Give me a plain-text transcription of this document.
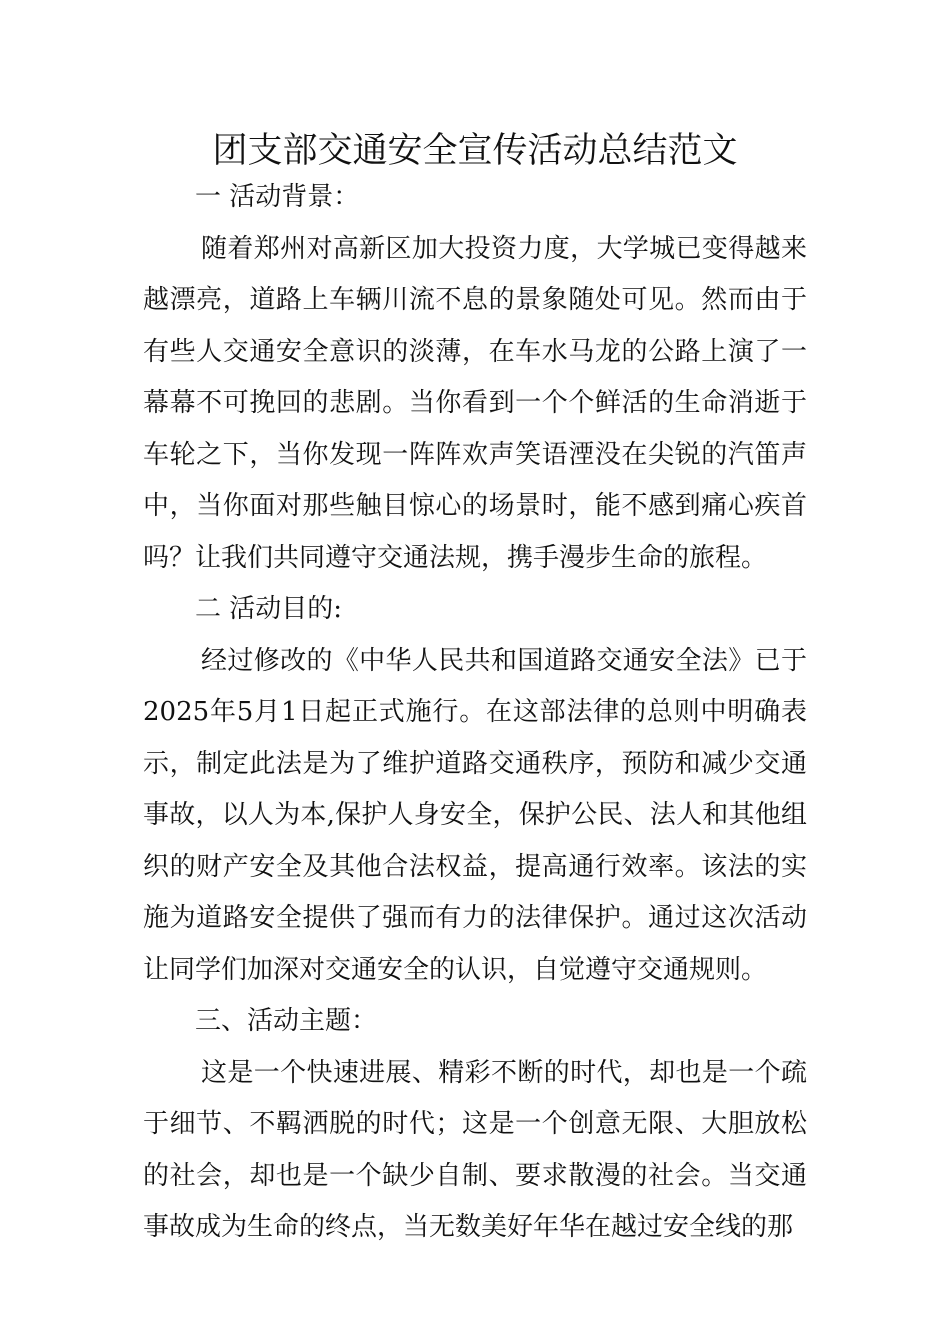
团支部交通安全宣传活动总结范文

一 活动背景：

随着郑州对高新区加大投资力度，大学城已变得越来越漂亮，道路上车辆川流不息的景象随处可见。然而由于有些人交通安全意识的淡薄，在车水马龙的公路上演了一幕幕不可挽回的悲剧。当你看到一个个鲜活的生命消逝于车轮之下，当你发现一阵阵欢声笑语湮没在尖锐的汽笛声中，当你面对那些触目惊心的场景时，能不感到痛心疾首吗？让我们共同遵守交通法规，携手漫步生命的旅程。

二 活动目的:

经过修改的《中华人民共和国道路交通安全法》已于2025年5月1日起正式施行。在这部法律的总则中明确表示，制定此法是为了维护道路交通秩序，预防和减少交通事故，以人为本,保护人身安全，保护公民、法人和其他组织的财产安全及其他合法权益，提高通行效率。该法的实施为道路安全提供了强而有力的法律保护。通过这次活动让同学们加深对交通安全的认识，自觉遵守交通规则。

三、活动主题：

这是一个快速进展、精彩不断的时代，却也是一个疏于细节、不羁洒脱的时代；这是一个创意无限、大胆放松的社会，却也是一个缺少自制、要求散漫的社会。当交通事故成为生命的终点，当无数美好年华在越过安全线的那
